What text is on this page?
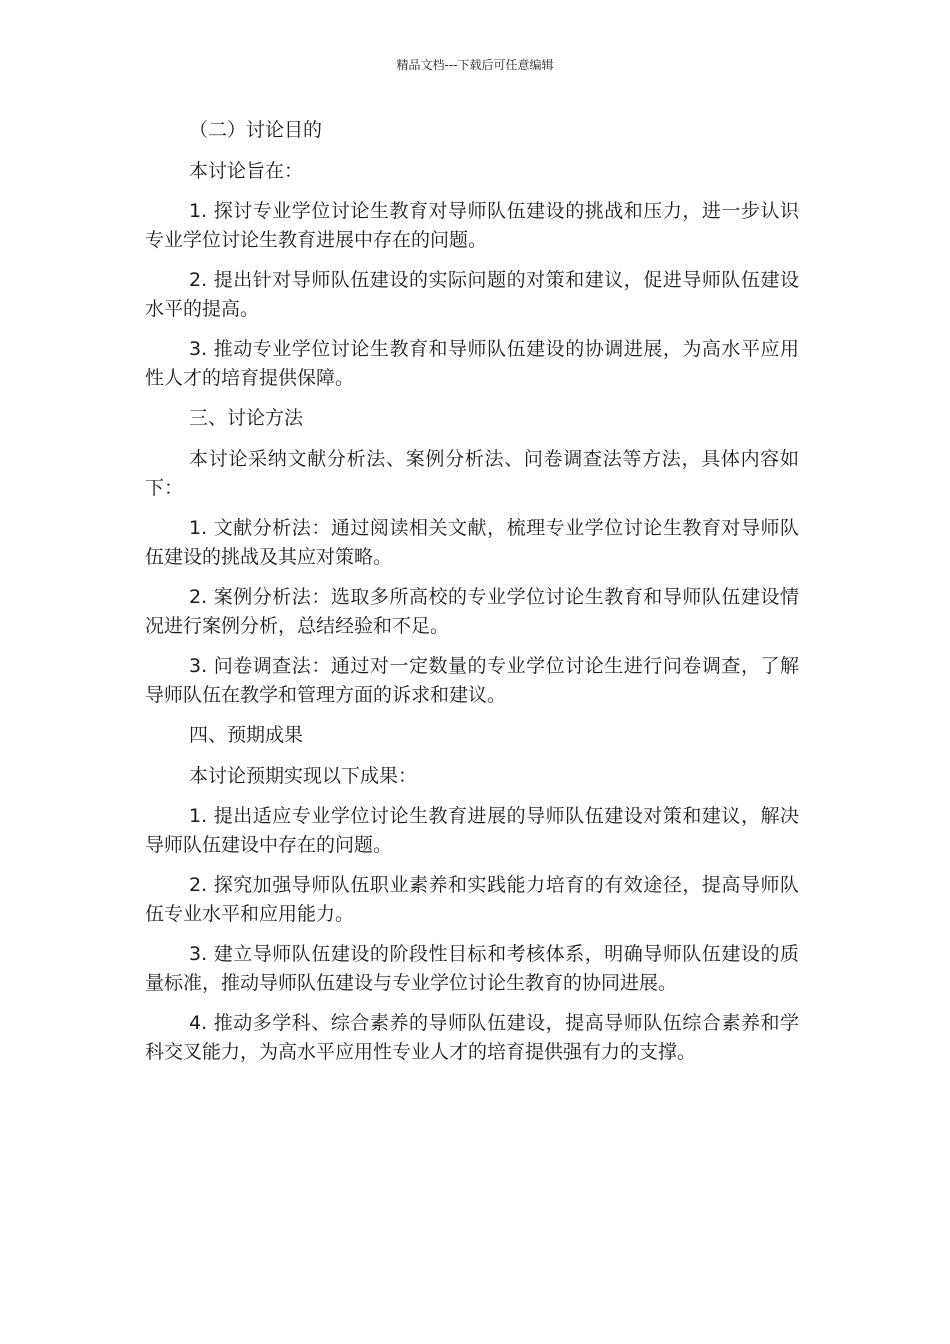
精品文档---下载后可任意编辑

（二）讨论目的

本讨论旨在：

1. 探讨专业学位讨论生教育对导师队伍建设的挑战和压力，进一步认识专业学位讨论生教育进展中存在的问题。

2. 提出针对导师队伍建设的实际问题的对策和建议，促进导师队伍建设水平的提高。

3. 推动专业学位讨论生教育和导师队伍建设的协调进展，为高水平应用性人才的培育提供保障。

三、讨论方法

本讨论采纳文献分析法、案例分析法、问卷调查法等方法，具体内容如下：

1. 文献分析法：通过阅读相关文献，梳理专业学位讨论生教育对导师队伍建设的挑战及其应对策略。

2. 案例分析法：选取多所高校的专业学位讨论生教育和导师队伍建设情况进行案例分析，总结经验和不足。

3. 问卷调查法：通过对一定数量的专业学位讨论生进行问卷调查，了解导师队伍在教学和管理方面的诉求和建议。

四、预期成果

本讨论预期实现以下成果：

1. 提出适应专业学位讨论生教育进展的导师队伍建设对策和建议，解决导师队伍建设中存在的问题。

2. 探究加强导师队伍职业素养和实践能力培育的有效途径，提高导师队伍专业水平和应用能力。

3. 建立导师队伍建设的阶段性目标和考核体系，明确导师队伍建设的质量标准，推动导师队伍建设与专业学位讨论生教育的协同进展。

4. 推动多学科、综合素养的导师队伍建设，提高导师队伍综合素养和学科交叉能力，为高水平应用性专业人才的培育提供强有力的支撑。
